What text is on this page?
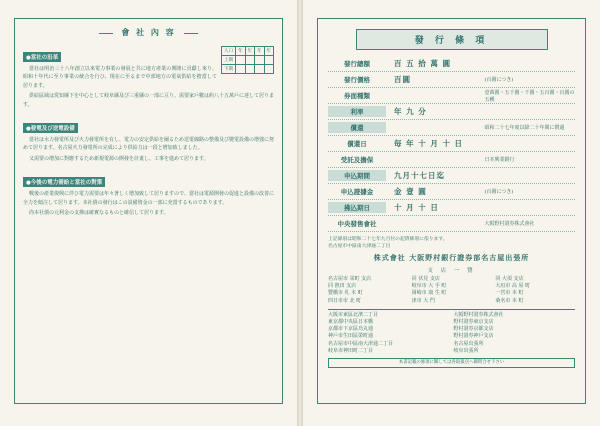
會 社 內 容
●當社の沿革
人口	年	年	年	年
上期				
下期				

當社は明治三十八年創立以來電力事業の發展と共に地方產業の興隆に貢獻し來り、昭和十年代に至り事業の統合を行ひ、現在に至るまで中部地方の電氣供給を擔當して居ります。

供給區域は愛知縣下を中心として岐阜縣及び三重縣の一部に亘り、需要家戶數は約八十五萬戶に達して居ります。

●發電及び送電設備

當社は水力發電所及び火力發電所を有し、電力の安定供給を圖るため送電線路の整備及び變電設備の增強に努めて居ります。名古屋火力發電所の完成により供給力は一段と增加致しました。

又需要の增加に對應するため新規電源の開發を計畫し、工事を進めて居ります。

●今後の電力需給と當社の對策

戰後の產業復興に伴ひ電力需要は年々著しく增加致して居りますので、當社は電源開發の促進と設備の改善に全力を傾注して居ります。本社債の發行はこの設備資金の一部に充當するものであります。

尚本社債の元利金の支拂は確實なるものと確信して居ります。

發 行 條 項
發行總額	百 五 拾 萬 圓
發行價格	百圓	(百圓につき)
券面種類	壹萬圓・五千圓・千圓・五百圓・百圓の五種
利率	年 九 分
償還	昭和二十七年度以降二十年間に償還
償還日	毎 年 十 月 十 日
受託及擔保	日本興業銀行
申込期間	九月十七日迄
申込證據金	金 壹 圓	(百圓につき)
拂込期日	十 月 十 日
中央發售會社	大阪野村證券株式會社
上記條項は昭和二十七年九月付の起債條項に依ります。
名古屋市中區南大津通二丁目
株式會社 大阪野村銀行證券部名古屋出張所
支 店 一 覽
名古屋市 栄町 支店	同 伏見 支店	同 大須 支店
同 熱田 支店	岐阜市 大 手 町	大垣市 高 屋 町
豐橋市 札 木 町	岡崎市 康 生 町	一宮市 本 町
四日市市 北 町	津市 大 門	桑名市 本 町
大阪市東區北濱二丁目	大阪野村證券株式會社
東京都中央區日本橋	野村證券東京支店
京都市下京區烏丸通	野村證券京都支店
神戶市生田區榮町通	野村證券神戶支店
名古屋市中區南大津通二丁目	名古屋出張所
岐阜市神田町二丁目	岐阜出張所
本書記載の條項に關しては各取扱店へ御問合せ下さい
